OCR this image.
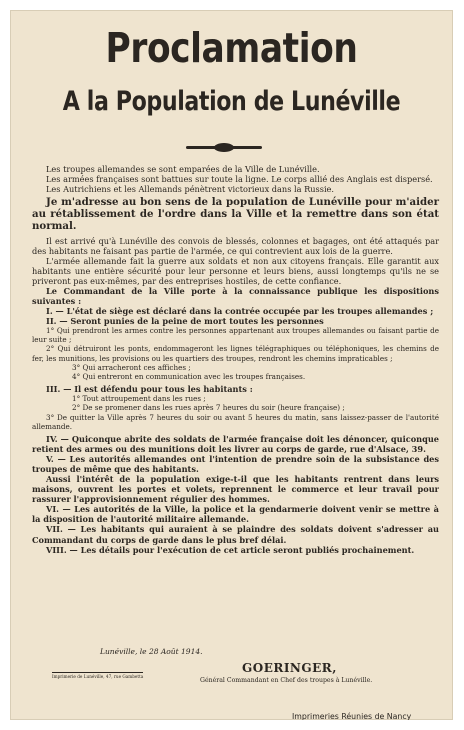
Proclamation
A la Population de Lunéville

Les troupes allemandes se sont emparées de la Ville de Lunéville.

Les armées françaises sont battues sur toute la ligne. Le corps allié des Anglais est dispersé.

Les Autrichiens et les Allemands pénètrent victorieux dans la Russie.

Je m'adresse au bon sens de la population de Lunéville pour m'aider au rétablissement de l'ordre dans la Ville et la remettre dans son état normal.

Il est arrivé qu'à Lunéville des convois de blessés, colonnes et bagages, ont été attaqués par des habitants ne faisant pas partie de l'armée, ce qui contrevient aux lois de la guerre.

L'armée allemande fait la guerre aux soldats et non aux citoyens français. Elle garantit aux habitants une entière sécurité pour leur personne et leurs biens, aussi longtemps qu'ils ne se priveront pas eux-mêmes, par des entreprises hostiles, de cette confiance.

Le Commandant de la Ville porte à la connaissance publique les dispositions suivantes :

I. — L'état de siège est déclaré dans la contrée occupée par les troupes allemandes ;

II. — Seront punies de la peine de mort toutes les personnes

1° Qui prendront les armes contre les personnes appartenant aux troupes allemandes ou faisant partie de leur suite ;

2° Qui détruiront les ponts, endommageront les lignes télégraphiques ou téléphoniques, les chemins de fer, les munitions, les provisions ou les quartiers des troupes, rendront les chemins impraticables ;

3° Qui arracheront ces affiches ;

4° Qui entreront en communication avec les troupes françaises.

III. — Il est défendu pour tous les habitants :

1° Tout attroupement dans les rues ;

2° De se promener dans les rues après 7 heures du soir (heure française) ;

3° De quitter la Ville après 7 heures du soir ou avant 5 heures du matin, sans laissez-passer de l'autorité allemande.

IV. — Quiconque abrite des soldats de l'armée française doit les dénoncer, quiconque retient des armes ou des munitions doit les livrer au corps de garde, rue d'Alsace, 39.

V. — Les autorités allemandes ont l'intention de prendre soin de la subsistance des troupes de même que des habitants.

Aussi l'intérêt de la population exige-t-il que les habitants rentrent dans leurs maisons, ouvrent les portes et volets, reprennent le commerce et leur travail pour rassurer l'approvisionnement régulier des hommes.

VI. — Les autorités de la Ville, la police et la gendarmerie doivent venir se mettre à la disposition de l'autorité militaire allemande.

VII. — Les habitants qui auraient à se plaindre des soldats doivent s'adresser au Commandant du corps de garde dans le plus bref délai.

VIII. — Les détails pour l'exécution de cet article seront publiés prochainement.

Lunéville, le 28 Août 1914.
GOERINGER,
Général Commandant en Chef des troupes à Lunéville.
Imprimerie de Lunéville, 47, rue Gambetta
Imprimeries Réunies de Nancy
